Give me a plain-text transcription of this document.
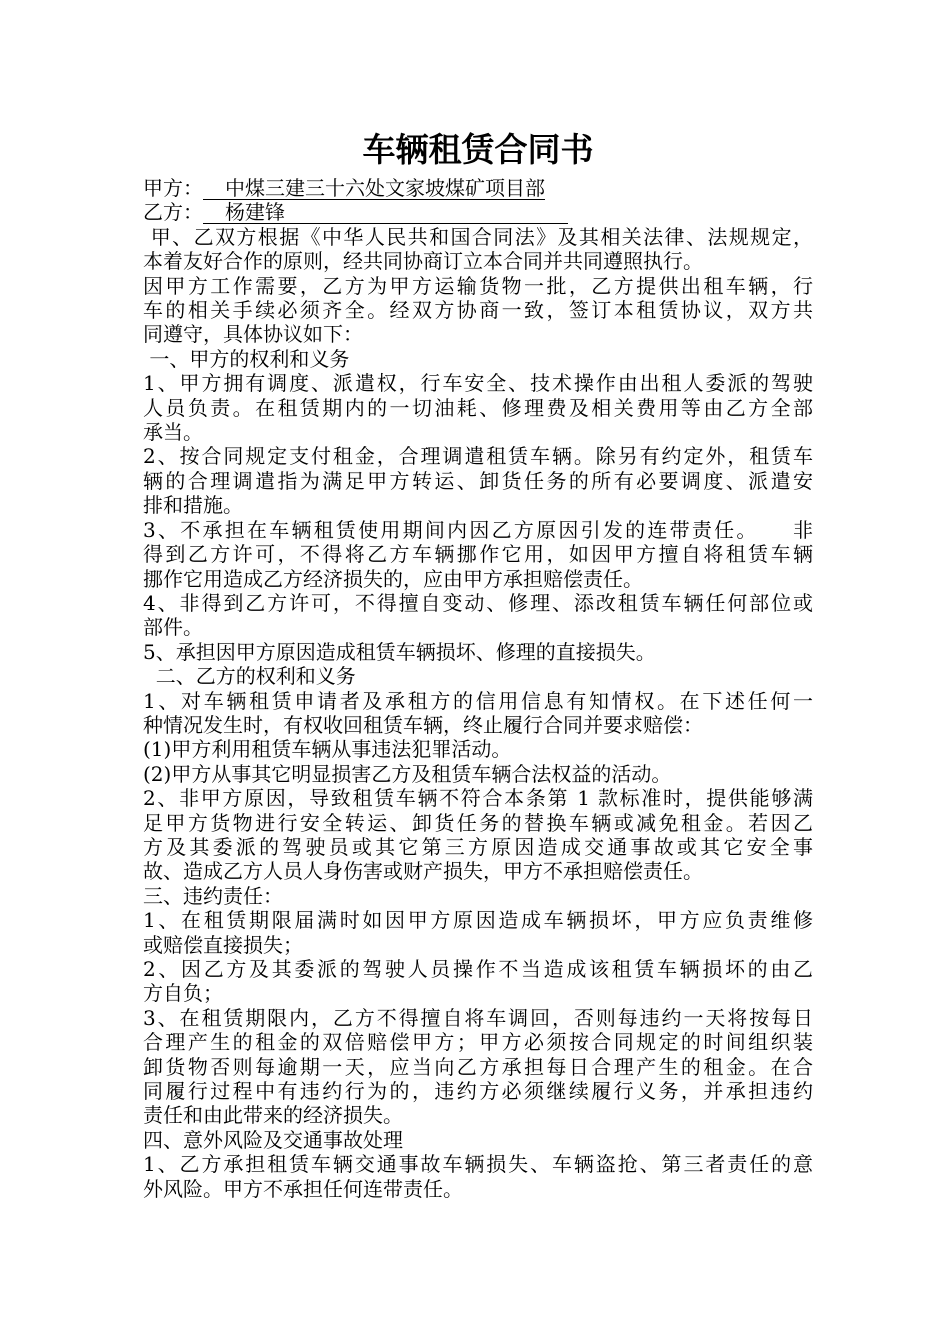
车辆租赁合同书
甲方： 中煤三建三十六处文家坡煤矿项目部
乙方： 杨建锋
甲、乙双方根据《中华人民共和国合同法》及其相关法律、法规规定，
本着友好合作的原则，经共同协商订立本合同并共同遵照执行。
因甲方工作需要，乙方为甲方运输货物一批，乙方提供出租车辆，行
车的相关手续必须齐全。经双方协商一致，签订本租赁协议，双方共
同遵守，具体协议如下：
一、甲方的权利和义务
1、甲方拥有调度、派遣权，行车安全、技术操作由出租人委派的驾驶
人员负责。在租赁期内的一切油耗、修理费及相关费用等由乙方全部
承当。
2、按合同规定支付租金，合理调遣租赁车辆。除另有约定外，租赁车
辆的合理调遣指为满足甲方转运、卸货任务的所有必要调度、派遣安
排和措施。
3、不承担在车辆租赁使用期间内因乙方原因引发的连带责任。    非
得到乙方许可，不得将乙方车辆挪作它用，如因甲方擅自将租赁车辆
挪作它用造成乙方经济损失的，应由甲方承担赔偿责任。
4、非得到乙方许可，不得擅自变动、修理、添改租赁车辆任何部位或
部件。
5、承担因甲方原因造成租赁车辆损坏、修理的直接损失。
二、乙方的权利和义务
1、对车辆租赁申请者及承租方的信用信息有知情权。在下述任何一
种情况发生时，有权收回租赁车辆，终止履行合同并要求赔偿：
(1)甲方利用租赁车辆从事违法犯罪活动。
(2)甲方从事其它明显损害乙方及租赁车辆合法权益的活动。
2、非甲方原因，导致租赁车辆不符合本条第 1 款标准时，提供能够满
足甲方货物进行安全转运、卸货任务的替换车辆或减免租金。若因乙
方及其委派的驾驶员或其它第三方原因造成交通事故或其它安全事
故、造成乙方人员人身伤害或财产损失，甲方不承担赔偿责任。
三、违约责任：
1、在租赁期限届满时如因甲方原因造成车辆损坏，甲方应负责维修
或赔偿直接损失；
2、因乙方及其委派的驾驶人员操作不当造成该租赁车辆损坏的由乙
方自负；
3、在租赁期限内，乙方不得擅自将车调回，否则每违约一天将按每日
合理产生的租金的双倍赔偿甲方；甲方必须按合同规定的时间组织装
卸货物否则每逾期一天，应当向乙方承担每日合理产生的租金。在合
同履行过程中有违约行为的，违约方必须继续履行义务，并承担违约
责任和由此带来的经济损失。
四、意外风险及交通事故处理
1、乙方承担租赁车辆交通事故车辆损失、车辆盗抢、第三者责任的意
外风险。甲方不承担任何连带责任。
